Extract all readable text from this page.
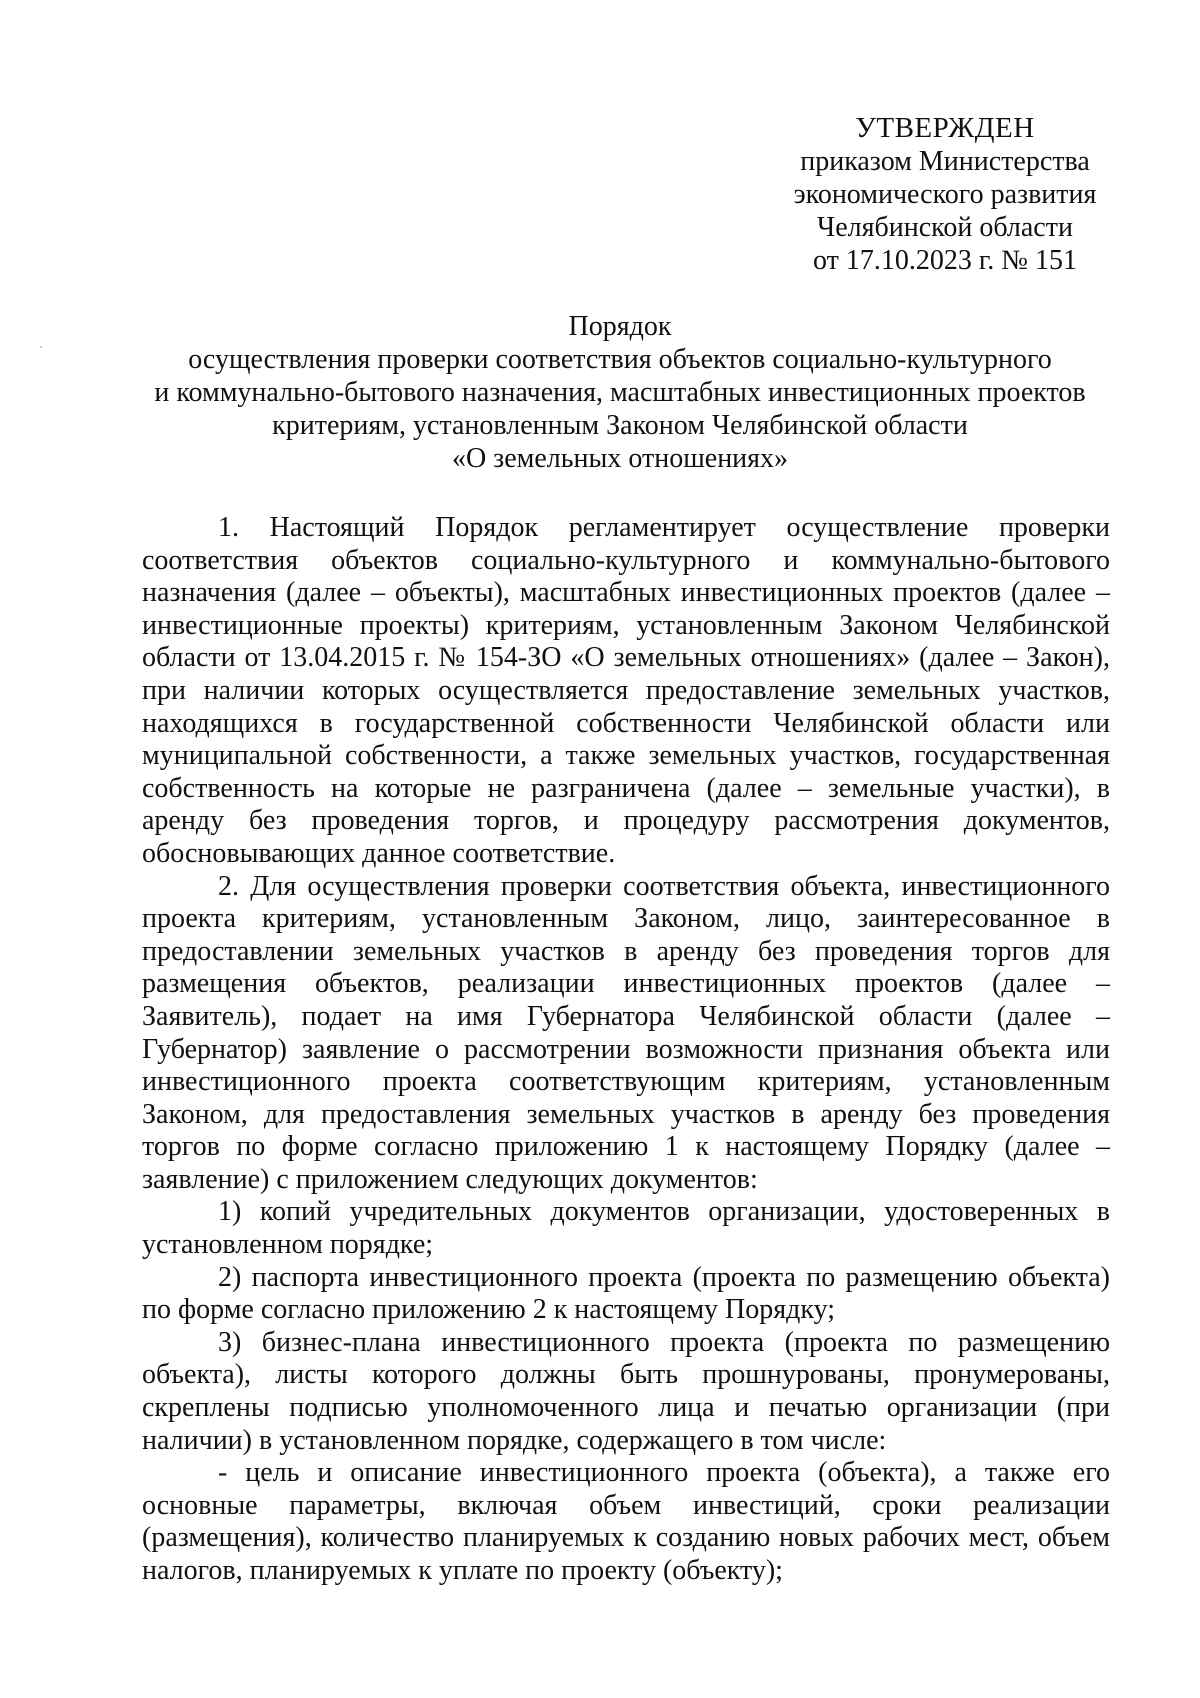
УТВЕРЖДЕН
приказом Министерства
экономического развития
Челябинской области
от 17.10.2023 г. № 151
Порядок
осуществления проверки соответствия объектов социально-культурного
и коммунально-бытового назначения, масштабных инвестиционных проектов
критериям, установленным Законом Челябинской области
«О земельных отношениях»

1. Настоящий Порядок регламентирует осуществление проверки соответствия объектов социально-культурного и коммунально-бытового назначения (далее – объекты), масштабных инвестиционных проектов (далее – инвестиционные проекты) критериям, установленным Законом Челябинской области от 13.04.2015 г. № 154-ЗО «О земельных отношениях» (далее – Закон), при наличии которых осуществляется предоставление земельных участков, находящихся в государственной собственности Челябинской области или муниципальной собственности, а также земельных участков, государственная собственность на которые не разграничена (далее – земельные участки), в аренду без проведения торгов, и процедуру рассмотрения документов, обосновывающих данное соответствие.

2. Для осуществления проверки соответствия объекта, инвестиционного проекта критериям, установленным Законом, лицо, заинтересованное в предоставлении земельных участков в аренду без проведения торгов для размещения объектов, реализации инвестиционных проектов (далее – Заявитель), подает на имя Губернатора Челябинской области (далее – Губернатор) заявление о рассмотрении возможности признания объекта или инвестиционного проекта соответствующим критериям, установленным Законом, для предоставления земельных участков в аренду без проведения торгов по форме согласно приложению 1 к настоящему Порядку (далее – заявление) с приложением следующих документов:

1) копий учредительных документов организации, удостоверенных в установленном порядке;

2) паспорта инвестиционного проекта (проекта по размещению объекта) по форме согласно приложению 2 к настоящему Порядку;

3) бизнес-плана инвестиционного проекта (проекта по размещению объекта), листы которого должны быть прошнурованы, пронумерованы, скреплены подписью уполномоченного лица и печатью организации (при наличии) в установленном порядке, содержащего в том числе:

- цель и описание инвестиционного проекта (объекта), а также его основные параметры, включая объем инвестиций, сроки реализации (размещения), количество планируемых к созданию новых рабочих мест, объем налогов, планируемых к уплате по проекту (объекту);
